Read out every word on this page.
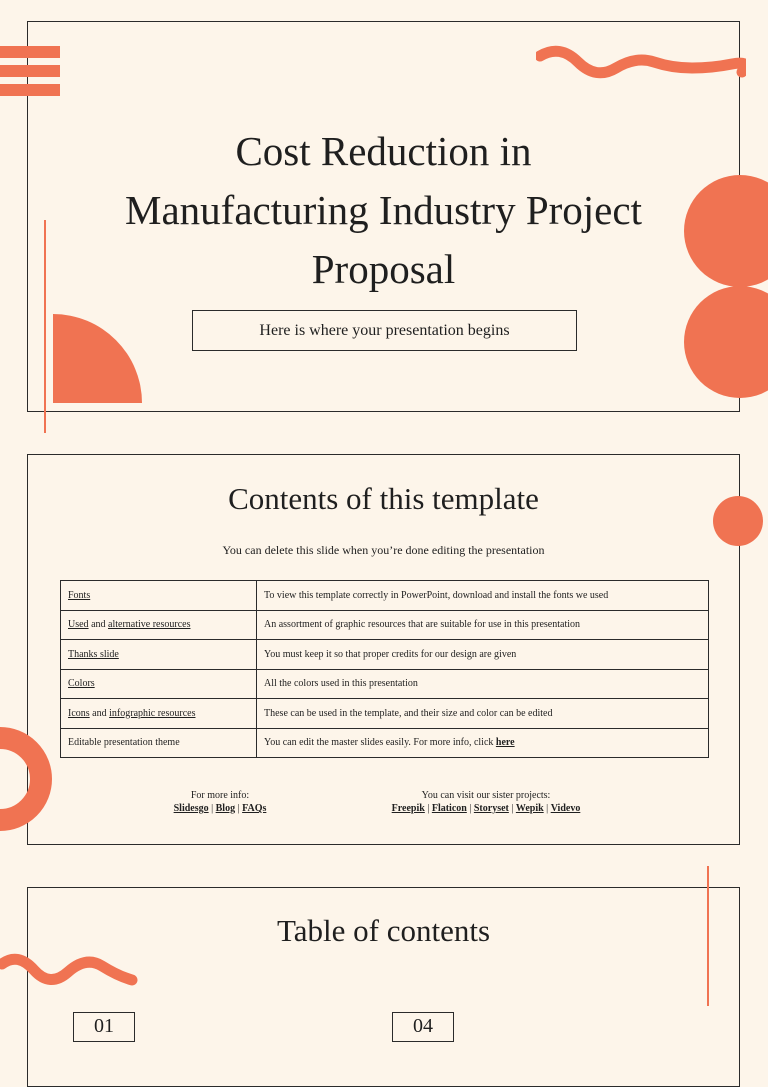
Cost Reduction in
Manufacturing Industry Project
Proposal
Here is where your presentation begins
Contents of this template
You can delete this slide when you’re done editing the presentation
Fonts	To view this template correctly in PowerPoint, download and install the fonts we used
Used and alternative resources	An assortment of graphic resources that are suitable for use in this presentation
Thanks slide	You must keep it so that proper credits for our design are given
Colors	All the colors used in this presentation
Icons and infographic resources	These can be used in the template, and their size and color can be edited
Editable presentation theme	You can edit the master slides easily. For more info, click here
For more info:
Slidesgo | Blog | FAQs
You can visit our sister projects:
Freepik | Flaticon | Storyset | Wepik | Videvo
Table of contents
01	04
